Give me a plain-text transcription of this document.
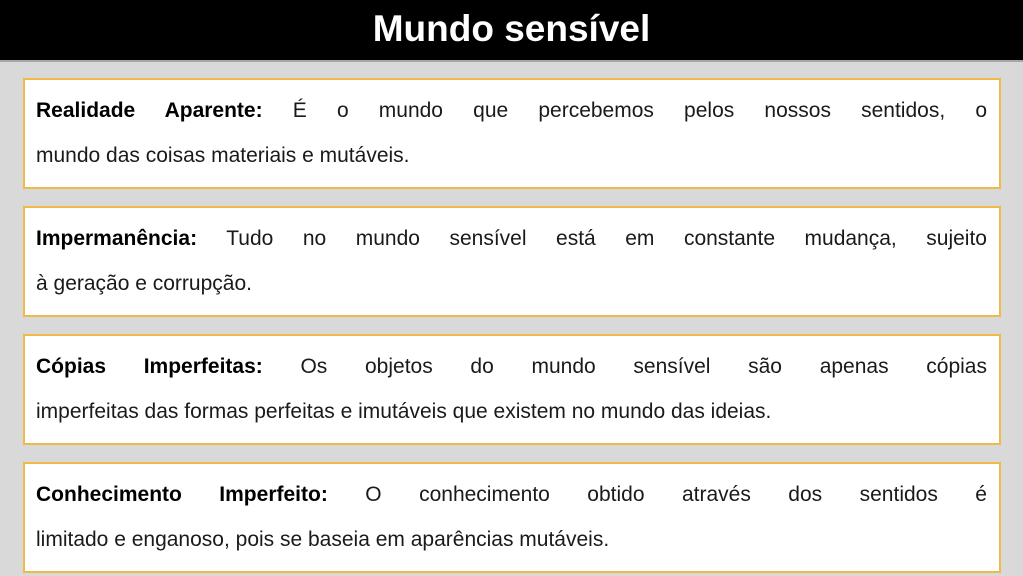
Mundo sensível

Realidade Aparente: É o mundo que percebemos pelos nossos sentidos, o

mundo das coisas materiais e mutáveis.

Impermanência: Tudo no mundo sensível está em constante mudança, sujeito

à geração e corrupção.

Cópias Imperfeitas: Os objetos do mundo sensível são apenas cópias

imperfeitas das formas perfeitas e imutáveis que existem no mundo das ideias.

Conhecimento Imperfeito: O conhecimento obtido através dos sentidos é

limitado e enganoso, pois se baseia em aparências mutáveis.
